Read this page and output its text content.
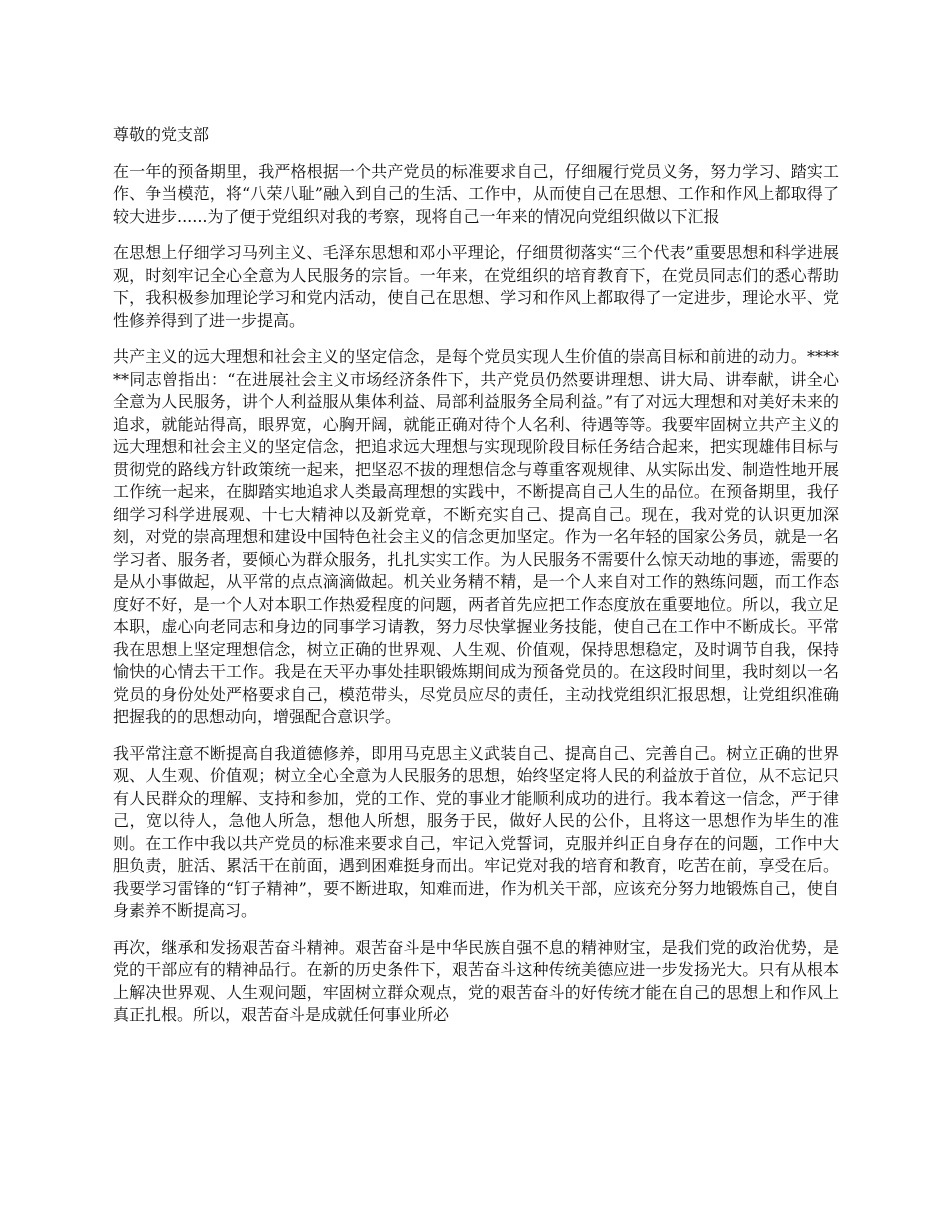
尊敬的党支部

在一年的预备期里，我严格根据一个共产党员的标准要求自己，仔细履行党员义务，努力学习、踏实工作、争当模范，将“八荣八耻”融入到自己的生活、工作中，从而使自己在思想、工作和作风上都取得了较大进步......为了便于党组织对我的考察，现将自己一年来的情况向党组织做以下汇报

在思想上仔细学习马列主义、毛泽东思想和邓小平理论，仔细贯彻落实“三个代表”重要思想和科学进展观，时刻牢记全心全意为人民服务的宗旨。一年来，在党组织的培育教育下，在党员同志们的悉心帮助下，我积极参加理论学习和党内活动，使自己在思想、学习和作风上都取得了一定进步，理论水平、党性修养得到了进一步提高。

共产主义的远大理想和社会主义的坚定信念，是每个党员实现人生价值的崇高目标和前进的动力。******同志曾指出：“在进展社会主义市场经济条件下，共产党员仍然要讲理想、讲大局、讲奉献，讲全心全意为人民服务，讲个人利益服从集体利益、局部利益服务全局利益。”有了对远大理想和对美好未来的追求，就能站得高，眼界宽，心胸开阔，就能正确对待个人名利、待遇等等。我要牢固树立共产主义的远大理想和社会主义的坚定信念，把追求远大理想与实现现阶段目标任务结合起来，把实现雄伟目标与贯彻党的路线方针政策统一起来，把坚忍不拔的理想信念与尊重客观规律、从实际出发、制造性地开展工作统一起来，在脚踏实地追求人类最高理想的实践中，不断提高自己人生的品位。在预备期里，我仔细学习科学进展观、十七大精神以及新党章，不断充实自己、提高自己。现在，我对党的认识更加深刻，对党的崇高理想和建设中国特色社会主义的信念更加坚定。作为一名年轻的国家公务员，就是一名学习者、服务者，要倾心为群众服务，扎扎实实工作。为人民服务不需要什么惊天动地的事迹，需要的是从小事做起，从平常的点点滴滴做起。机关业务精不精，是一个人来自对工作的熟练问题，而工作态度好不好，是一个人对本职工作热爱程度的问题，两者首先应把工作态度放在重要地位。所以，我立足本职，虚心向老同志和身边的同事学习请教，努力尽快掌握业务技能，使自己在工作中不断成长。平常我在思想上坚定理想信念，树立正确的世界观、人生观、价值观，保持思想稳定，及时调节自我，保持愉快的心情去干工作。我是在天平办事处挂职锻炼期间成为预备党员的。在这段时间里，我时刻以一名党员的身份处处严格要求自己，模范带头，尽党员应尽的责任，主动找党组织汇报思想，让党组织准确把握我的的思想动向，增强配合意识学。

我平常注意不断提高自我道德修养，即用马克思主义武装自己、提高自己、完善自己。树立正确的世界观、人生观、价值观；树立全心全意为人民服务的思想，始终坚定将人民的利益放于首位，从不忘记只有人民群众的理解、支持和参加，党的工作、党的事业才能顺利成功的进行。我本着这一信念，严于律己，宽以待人，急他人所急，想他人所想，服务于民，做好人民的公仆，且将这一思想作为毕生的准则。在工作中我以共产党员的标准来要求自己，牢记入党誓词，克服并纠正自身存在的问题，工作中大胆负责，脏活、累活干在前面，遇到困难挺身而出。牢记党对我的培育和教育，吃苦在前，享受在后。我要学习雷锋的“钉子精神”，要不断进取，知难而进，作为机关干部，应该充分努力地锻炼自己，使自身素养不断提高习。

再次，继承和发扬艰苦奋斗精神。艰苦奋斗是中华民族自强不息的精神财宝，是我们党的政治优势，是党的干部应有的精神品行。在新的历史条件下，艰苦奋斗这种传统美德应进一步发扬光大。只有从根本上解决世界观、人生观问题，牢固树立群众观点，党的艰苦奋斗的好传统才能在自己的思想上和作风上真正扎根。所以，艰苦奋斗是成就任何事业所必
